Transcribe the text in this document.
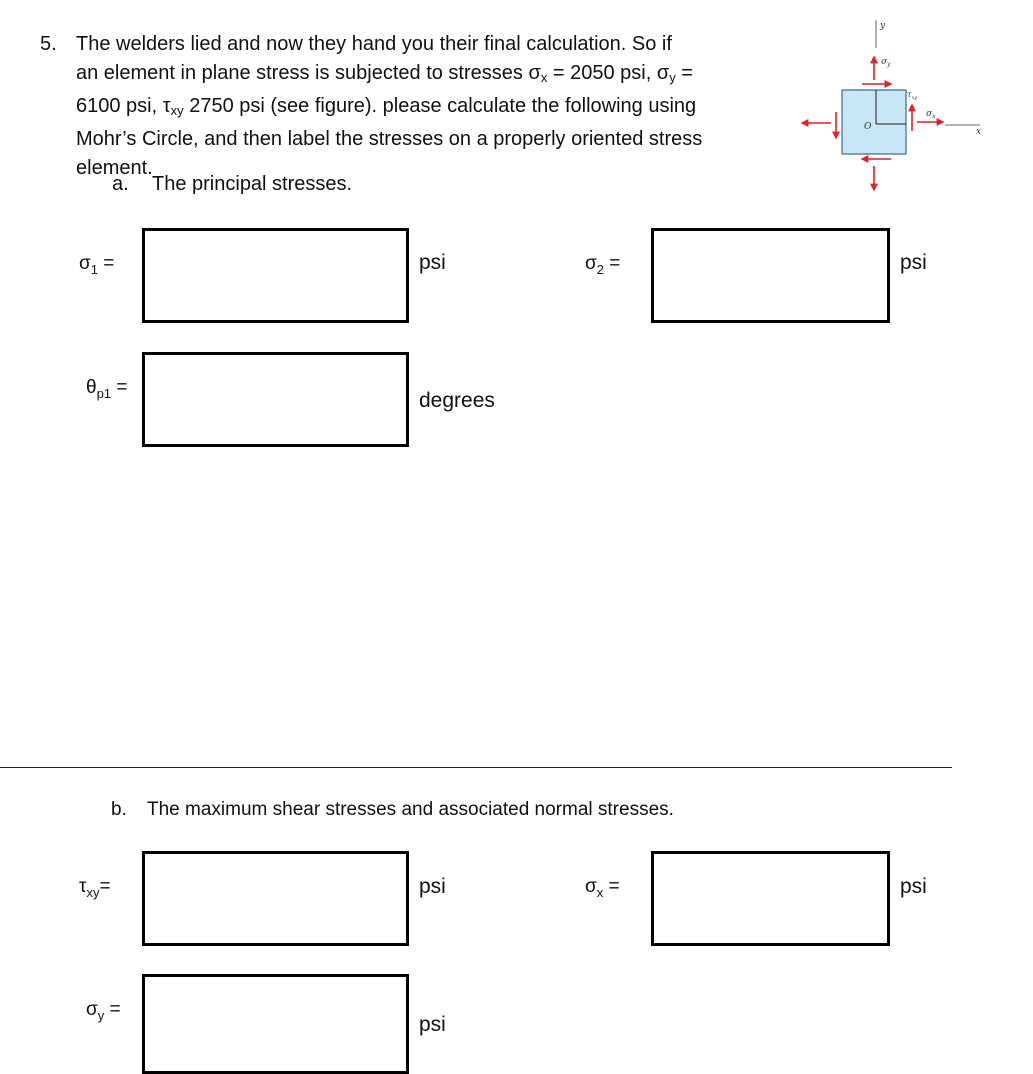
5. The welders lied and now they hand you their final calculation. So if
an element in plane stress is subjected to stresses $\sigma_x = 2050$ psi, $\sigma_y$ =
6100 psi, $\tau_{xy}$ 2750 psi (see figure). please calculate the following using
Mohr’s Circle, and then label the stresses on a properly oriented stress
element.
y
x
O
$\sigma_y$
$\tau_{xy}$
$\sigma_x$
a. The principal stresses.
$\sigma_1$ =	psi	$\sigma_2$ =	psi
$\theta_{p1}$ =
degrees
b. The maximum shear stresses and associated normal stresses.
$\tau_{xy}=$	psi	$\sigma_x$ =	psi
$\sigma_y$ =
psi
